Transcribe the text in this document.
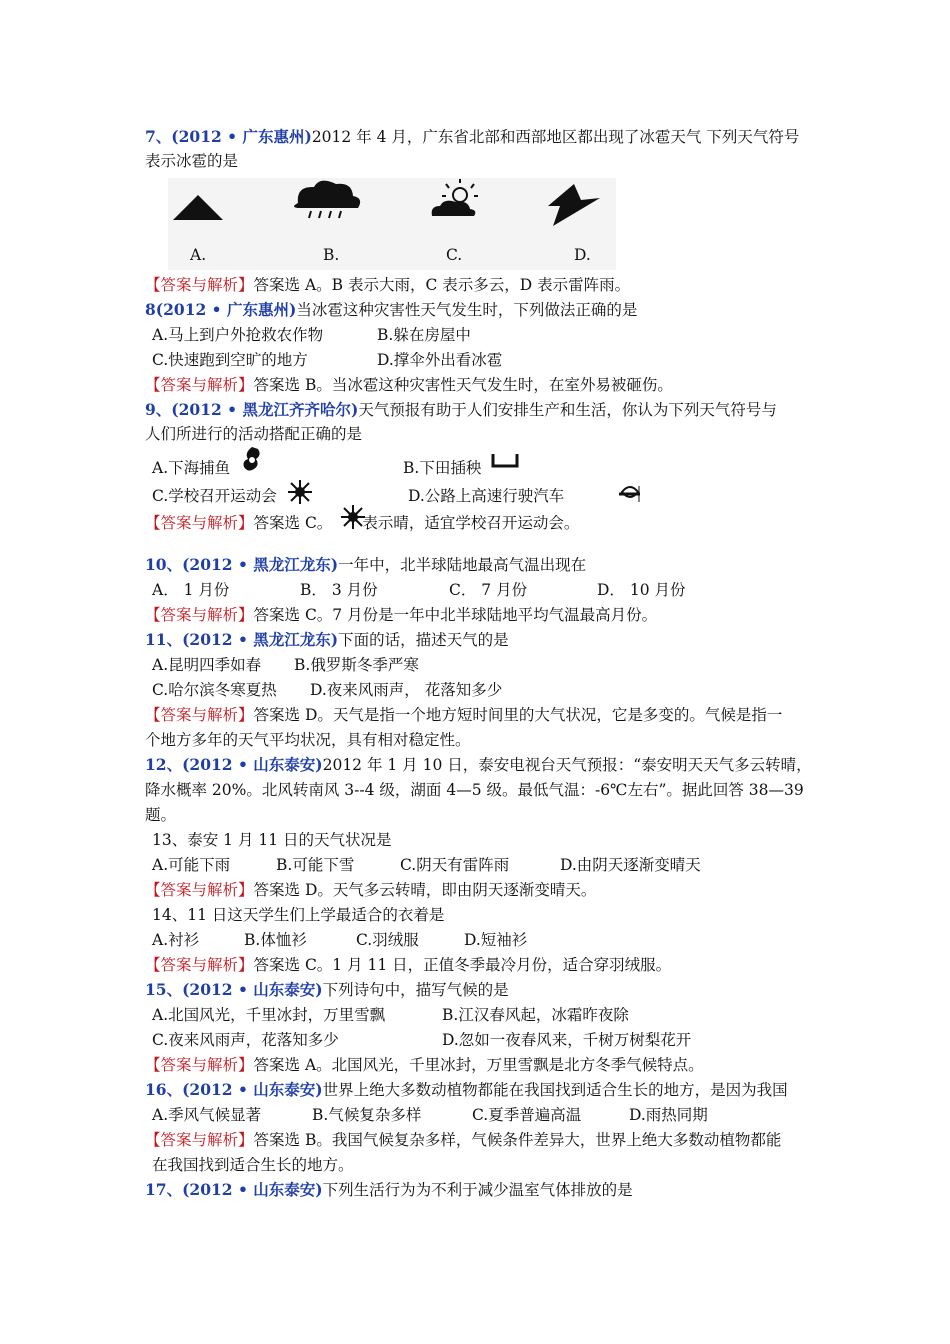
7、(2012 • 广东惠州)2012 年 4 月，广东省北部和西部地区都出现了冰雹天气 下列天气符号
表示冰雹的是
A.	B.	C.	D.
【答案与解析】答案选 A。B 表示大雨，C 表示多云，D 表示雷阵雨。
8(2012 • 广东惠州)当冰雹这种灾害性天气发生时，下列做法正确的是
A.马上到户外抢救农作物	B.躲在房屋中
C.快速跑到空旷的地方	D.撑伞外出看冰雹
【答案与解析】答案选 B。当冰雹这种灾害性天气发生时，在室外易被砸伤。
9、(2012 • 黑龙江齐齐哈尔)天气预报有助于人们安排生产和生活，你认为下列天气符号与
人们所进行的活动搭配正确的是
A.下海捕鱼	B.下田插秧
C.学校召开运动会	D.公路上高速行驶汽车
【答案与解析】答案选 C。 表示晴，适宜学校召开运动会。
10、(2012 • 黑龙江龙东)一年中，北半球陆地最高气温出现在
A． 1 月份	B． 3 月份	C． 7 月份	D． 10 月份
【答案与解析】答案选 C。7 月份是一年中北半球陆地平均气温最高月份。
11、(2012 • 黑龙江龙东)下面的话，描述天气的是
A.昆明四季如春 B.俄罗斯冬季严寒
C.哈尔滨冬寒夏热 D.夜来风雨声， 花落知多少
【答案与解析】答案选 D。天气是指一个地方短时间里的大气状况，它是多变的。气候是指一
个地方多年的天气平均状况，具有相对稳定性。
12、(2012 • 山东泰安)2012 年 1 月 10 日，泰安电视台天气预报：“泰安明天天气多云转晴，
降水概率 20%。北风转南风 3--4 级，湖面 4—5 级。最低气温：-6℃左右”。据此回答 38—39
题。
13、泰安 1 月 11 日的天气状况是
A.可能下雨	B.可能下雪	C.阴天有雷阵雨	D.由阴天逐渐变晴天
【答案与解析】答案选 D。天气多云转晴，即由阴天逐渐变晴天。
14、11 日这天学生们上学最适合的衣着是
A.衬衫	B.体恤衫	C.羽绒服	D.短袖衫
【答案与解析】答案选 C。1 月 11 日，正值冬季最冷月份，适合穿羽绒服。
15、(2012 • 山东泰安)下列诗句中，描写气候的是
A.北国风光，千里冰封，万里雪飘	B.江汉春风起，冰霜昨夜除
C.夜来风雨声，花落知多少	D.忽如一夜春风来，千树万树梨花开
【答案与解析】答案选 A。北国风光，千里冰封，万里雪飘是北方冬季气候特点。
16、(2012 • 山东泰安)世界上绝大多数动植物都能在我国找到适合生长的地方，是因为我国
A.季风气候显著	B.气候复杂多样	C.夏季普遍高温	D.雨热同期
【答案与解析】答案选 B。我国气候复杂多样，气候条件差异大，世界上绝大多数动植物都能
在我国找到适合生长的地方。
17、(2012 • 山东泰安)下列生活行为为不利于减少温室气体排放的是
